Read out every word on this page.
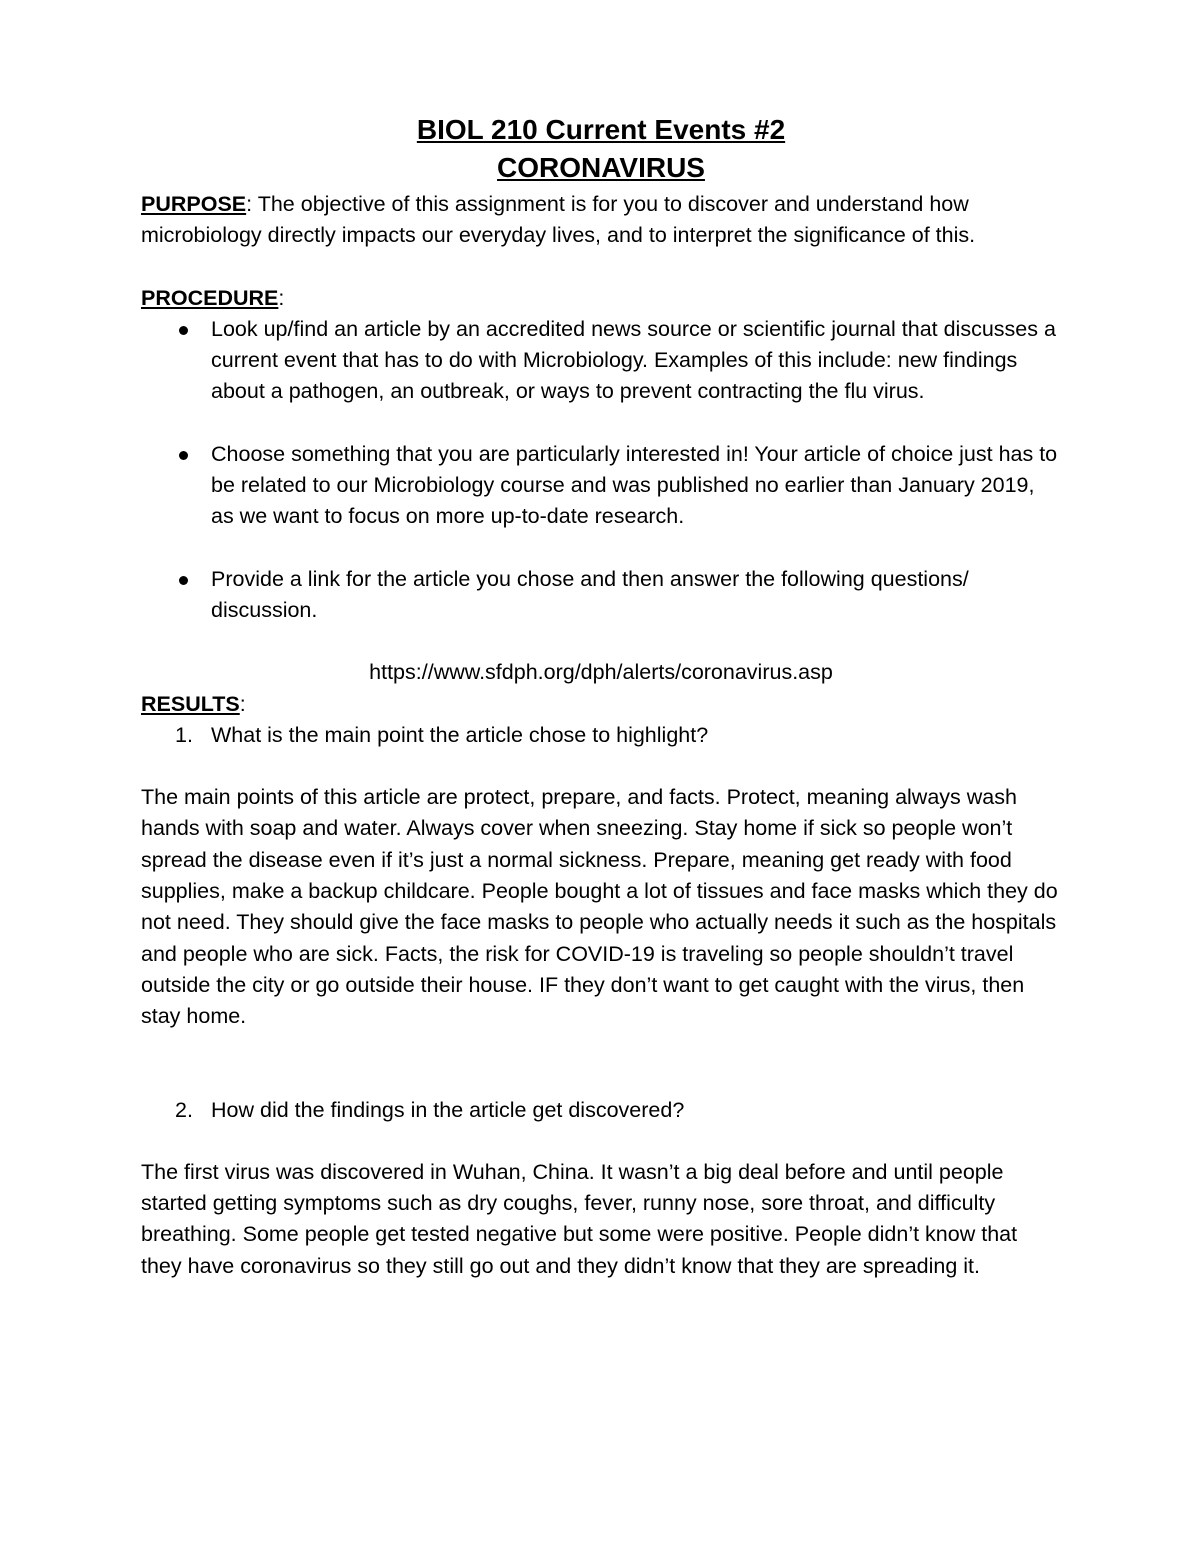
BIOL 210 Current Events #2
CORONAVIRUS

PURPOSE: The objective of this assignment is for you to discover and understand how microbiology directly impacts our everyday lives, and to interpret the significance of this.

PROCEDURE:

Look up/find an article by an accredited news source or scientific journal that discusses a current event that has to do with Microbiology. Examples of this include: new findings about a pathogen, an outbreak, or ways to prevent contracting the flu virus.
Choose something that you are particularly interested in! Your article of choice just has to be related to our Microbiology course and was published no earlier than January 2019, as we want to focus on more up-to-date research.
Provide a link for the article you chose and then answer the following questions/ discussion.

https://www.sfdph.org/dph/alerts/coronavirus.asp

RESULTS:

1. What is the main point the article chose to highlight?

The main points of this article are protect, prepare, and facts. Protect, meaning always wash hands with soap and water. Always cover when sneezing. Stay home if sick so people won’t spread the disease even if it’s just a normal sickness. Prepare, meaning get ready with food supplies, make a backup childcare. People bought a lot of tissues and face masks which they do not need. They should give the face masks to people who actually needs it such as the hospitals and people who are sick. Facts, the risk for COVID-19 is traveling so people shouldn’t travel outside the city or go outside their house. IF they don’t want to get caught with the virus, then stay home.

2. How did the findings in the article get discovered?

The first virus was discovered in Wuhan, China. It wasn’t a big deal before and until people started getting symptoms such as dry coughs, fever, runny nose, sore throat, and difficulty breathing. Some people get tested negative but some were positive. People didn’t know that they have coronavirus so they still go out and they didn’t know that they are spreading it.
